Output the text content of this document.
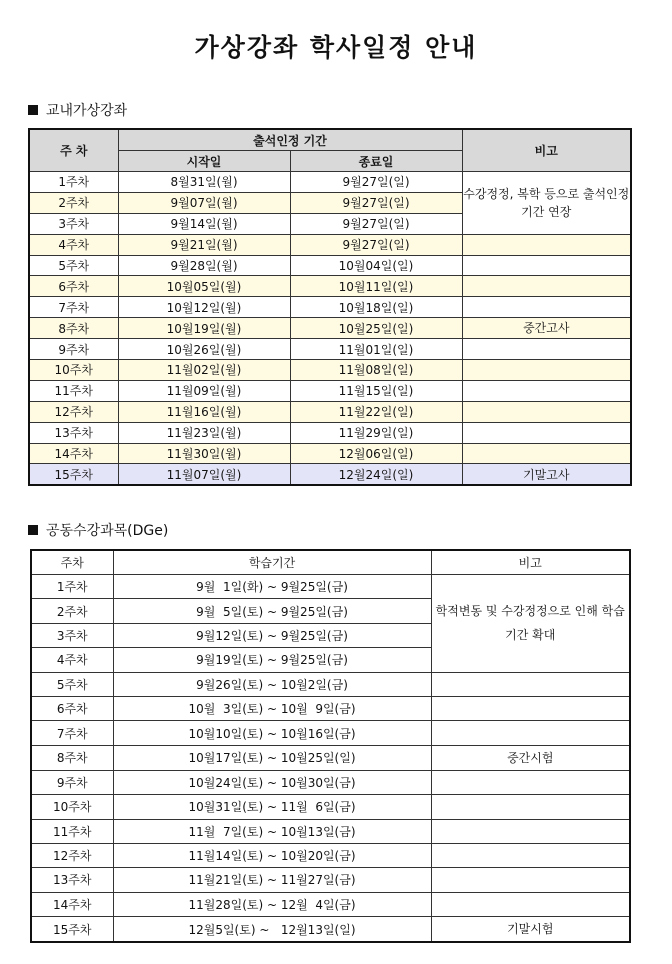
가상강좌 학사일정 안내
교내가상강좌
주 차	출석인정 기간		비고
	시작일	종료일	
1주차	8월31일(월)	9월27일(일)	수강정정, 복학 등으로 출석인정 기간 연장
2주차	9월07일(월)	9월27일(일)	
3주차	9월14일(월)	9월27일(일)	
4주차	9월21일(월)	9월27일(일)	
5주차	9월28일(월)	10월04일(일)	
6주차	10월05일(월)	10월11일(일)	
7주차	10월12일(월)	10월18일(일)	
8주차	10월19일(월)	10월25일(일)	중간고사
9주차	10월26일(월)	11월01일(일)	
10주차	11월02일(월)	11월08일(일)	
11주차	11월09일(월)	11월15일(일)	
12주차	11월16일(월)	11월22일(일)	
13주차	11월23일(월)	11월29일(일)	
14주차	11월30일(월)	12월06일(일)	
15주차	11월07일(월)	12월24일(일)	기말고사
공동수강과목(DGe)
주차	학습기간	비고
1주차	9월  1일(화) ~ 9월25일(금)	학적변동 및 수강정정으로 인해 학습기간 확대
2주차	9월  5일(토) ~ 9월25일(금)	
3주차	9월12일(토) ~ 9월25일(금)	
4주차	9월19일(토) ~ 9월25일(금)	
5주차	9월26일(토) ~ 10월2일(금)	
6주차	10월  3일(토) ~ 10월  9일(금)	
7주차	10월10일(토) ~ 10월16일(금)	
8주차	10월17일(토) ~ 10월25일(일)	중간시험
9주차	10월24일(토) ~ 10월30일(금)	
10주차	10월31일(토) ~ 11월  6일(금)	
11주차	11월  7일(토) ~ 10월13일(금)	
12주차	11월14일(토) ~ 10월20일(금)	
13주차	11월21일(토) ~ 11월27일(금)	
14주차	11월28일(토) ~ 12월  4일(금)	
15주차	12월5일(토) ~   12월13일(일)	기말시험
